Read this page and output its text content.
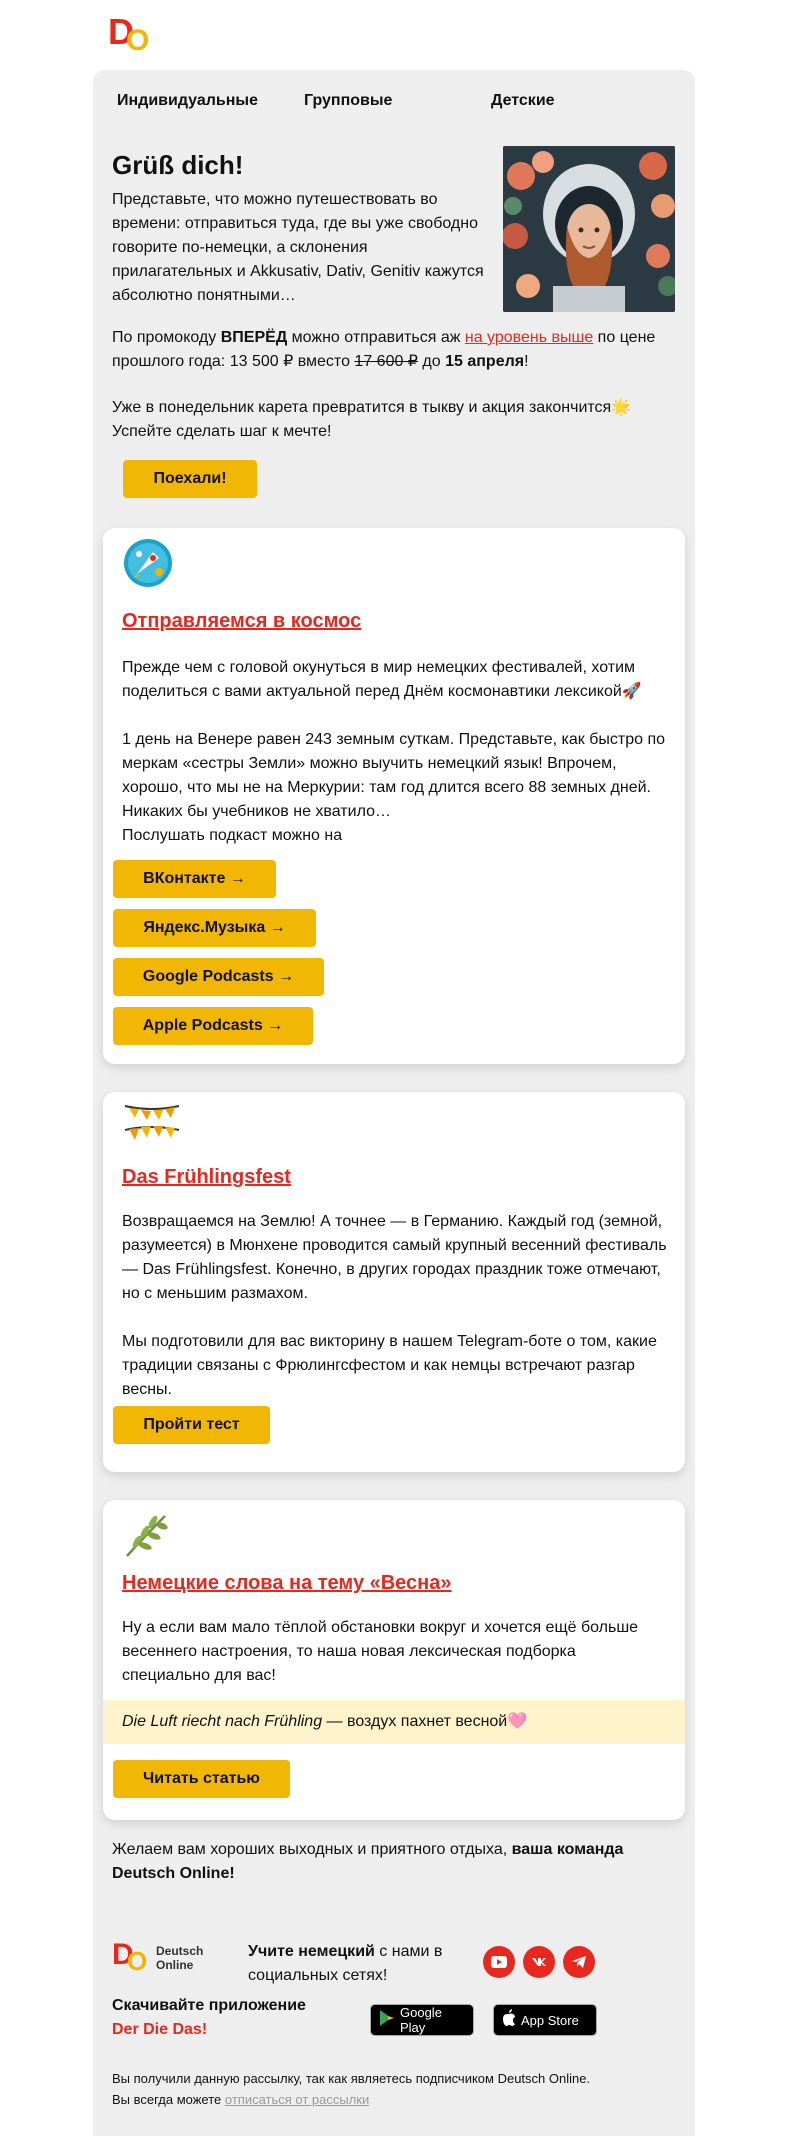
D
O
Индивидуальные	Групповые	Детские
Grüß dich!
Представьте, что можно путешествовать во времени: отправиться туда, где вы уже свободно говорите по-немецки, а склонения прилагательных и Akkusativ, Dativ, Genitiv кажутся абсолютно понятными…
По промокоду ВПЕРЁД можно отправиться аж на уровень выше по цене прошлого года: 13 500 ₽ вместо 17 600 ₽ до 15 апреля!
Уже в понедельник карета превратится в тыкву и акция закончится🌟 Успейте сделать шаг к мечте!
Поехали!
Отправляемся в космос

Прежде чем с головой окунуться в мир немецких фестивалей, хотим поделиться с вами актуальной перед Днём космонавтики лексикой🚀

1 день на Венере равен 243 земным суткам. Представьте, как быстро по меркам «сестры Земли» можно выучить немецкий язык! Впрочем, хорошо, что мы не на Меркурии: там год длится всего 88 земных дней. Никаких бы учебников не хватило…

Послушать подкаст можно на

ВКонтакте →
Яндекс.Музыка →
Google Podcasts →
Apple Podcasts →
Das Frühlingsfest

Возвращаемся на Землю! А точнее — в Германию. Каждый год (земной, разумеется) в Мюнхене проводится самый крупный весенний фестиваль — Das Frühlingsfest. Конечно, в других городах праздник тоже отмечают, но с меньшим размахом.

Мы подготовили для вас викторину в нашем Telegram-боте о том, какие традиции связаны с Фрюлингсфестом и как немцы встречают разгар весны.

Пройти тест
Немецкие слова на тему «Весна»

Ну а если вам мало тёплой обстановки вокруг и хочется ещё больше весеннего настроения, то наша новая лексическая подборка специально для вас!

Die Luft riecht nach Frühling — воздух пахнет весной🩷
Читать статью
Желаем вам хороших выходных и приятного отдыха, ваша команда Deutsch Online!
D
O Deutsch
Online
Учите немецкий с нами в социальных сетях!
Скачивайте приложение
Der Die Das!
Google Play	App Store
Вы получили данную рассылку, так как являетесь подписчиком Deutsch Online.
Вы всегда можете отписаться от рассылки
